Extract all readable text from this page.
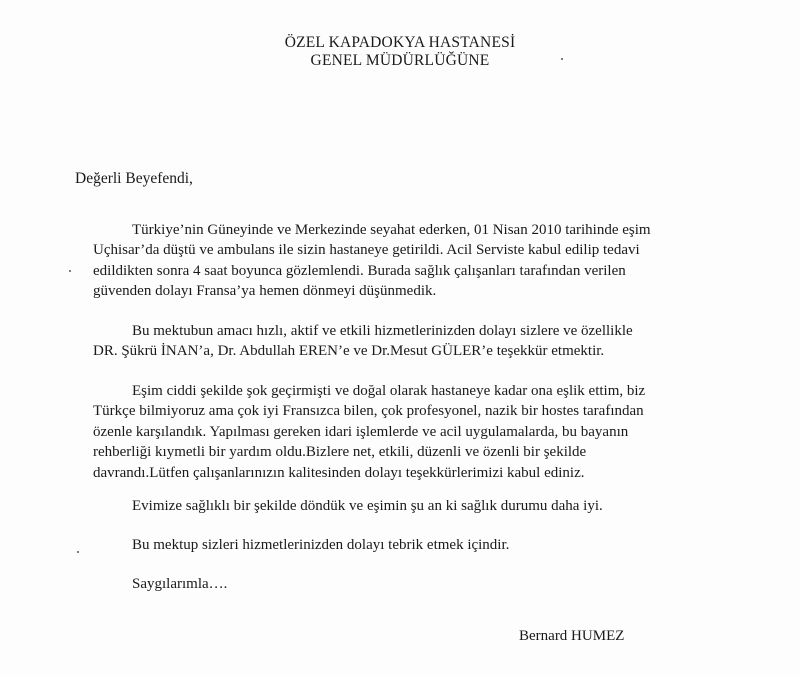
ÖZEL KAPADOKYA HASTANESİ
GENEL MÜDÜRLÜĞÜNE
Değerli Beyefendi,
Türkiye’nin Güneyinde ve Merkezinde seyahat ederken, 01 Nisan 2010 tarihinde eşim
Uçhisar’da düştü ve ambulans ile sizin hastaneye getirildi. Acil Serviste kabul edilip tedavi
edildikten sonra 4 saat boyunca gözlemlendi. Burada sağlık çalışanları tarafından verilen
güvenden dolayı Fransa’ya hemen dönmeyi düşünmedik.
Bu mektubun amacı hızlı, aktif ve etkili hizmetlerinizden dolayı sizlere ve özellikle
DR. Şükrü İNAN’a, Dr. Abdullah EREN’e ve Dr.Mesut GÜLER’e teşekkür etmektir.
Eşim ciddi şekilde şok geçirmişti ve doğal olarak hastaneye kadar ona eşlik ettim, biz
Türkçe bilmiyoruz ama çok iyi Fransızca bilen, çok profesyonel, nazik bir hostes tarafından
özenle karşılandık. Yapılması gereken idari işlemlerde ve acil uygulamalarda, bu bayanın
rehberliği kıymetli bir yardım oldu.Bizlere net, etkili, düzenli ve özenli bir şekilde
davrandı.Lütfen çalışanlarınızın kalitesinden dolayı teşekkürlerimizi kabul ediniz.
Evimize sağlıklı bir şekilde döndük ve eşimin şu an ki sağlık durumu daha iyi.
Bu mektup sizleri hizmetlerinizden dolayı tebrik etmek içindir.
Saygılarımla….
Bernard HUMEZ
